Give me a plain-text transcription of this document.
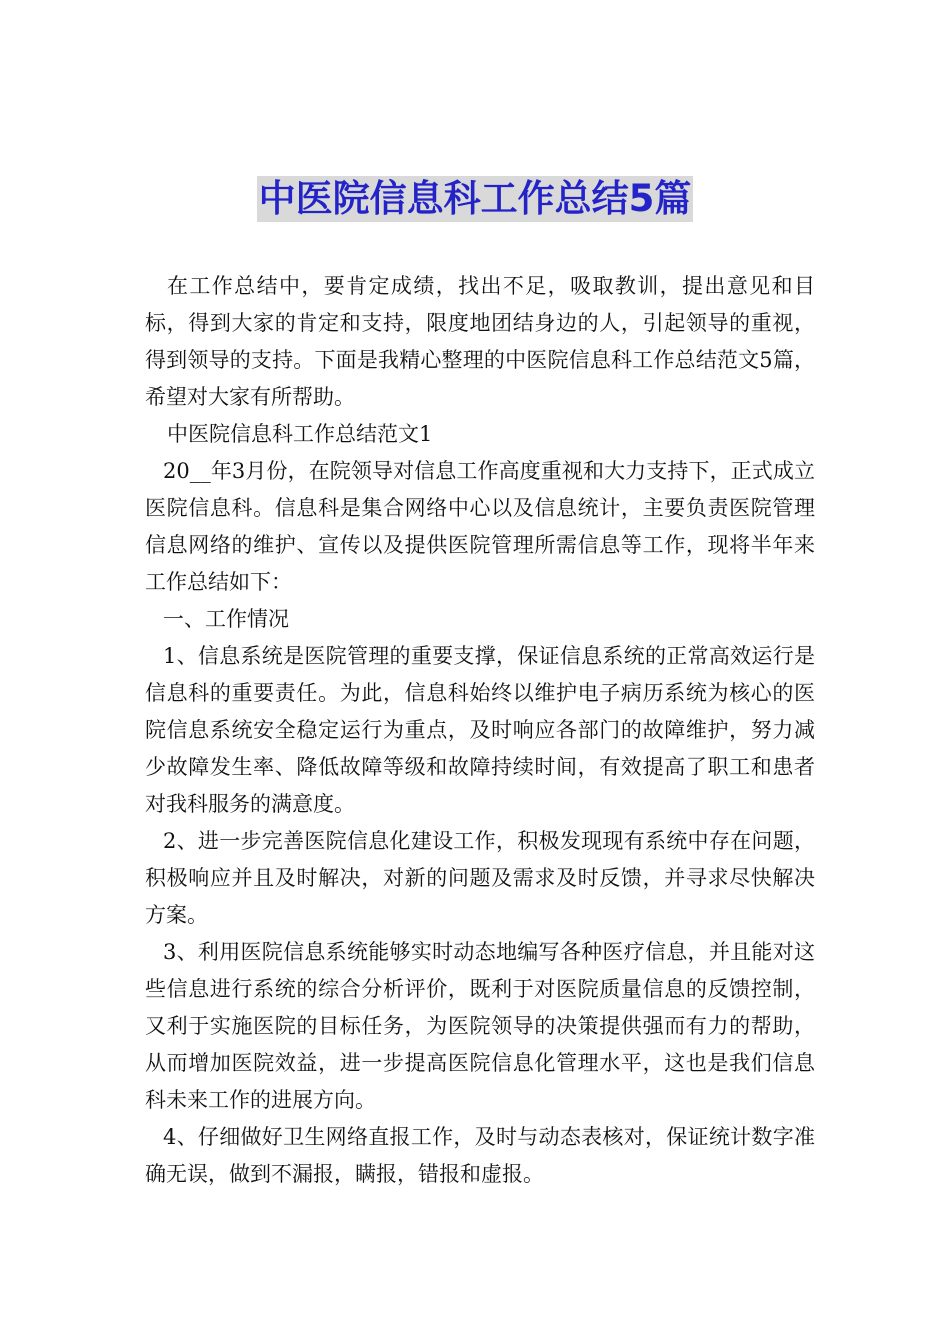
中医院信息科工作总结5篇

在工作总结中，要肯定成绩，找出不足，吸取教训，提出意见和目标，得到大家的肯定和支持，限度地团结身边的人，引起领导的重视，得到领导的支持。下面是我精心整理的中医院信息科工作总结范文5篇，希望对大家有所帮助。

中医院信息科工作总结范文1

20__年3月份，在院领导对信息工作高度重视和大力支持下，正式成立医院信息科。信息科是集合网络中心以及信息统计，主要负责医院管理信息网络的维护、宣传以及提供医院管理所需信息等工作，现将半年来工作总结如下：

一、工作情况

1、信息系统是医院管理的重要支撑，保证信息系统的正常高效运行是信息科的重要责任。为此，信息科始终以维护电子病历系统为核心的医院信息系统安全稳定运行为重点，及时响应各部门的故障维护，努力减少故障发生率、降低故障等级和故障持续时间，有效提高了职工和患者对我科服务的满意度。

2、进一步完善医院信息化建设工作，积极发现现有系统中存在问题，积极响应并且及时解决，对新的问题及需求及时反馈，并寻求尽快解决方案。

3、利用医院信息系统能够实时动态地编写各种医疗信息，并且能对这些信息进行系统的综合分析评价，既利于对医院质量信息的反馈控制，又利于实施医院的目标任务，为医院领导的决策提供强而有力的帮助，从而增加医院效益，进一步提高医院信息化管理水平，这也是我们信息科未来工作的进展方向。

4、仔细做好卫生网络直报工作，及时与动态表核对，保证统计数字准确无误，做到不漏报，瞒报，错报和虚报。
